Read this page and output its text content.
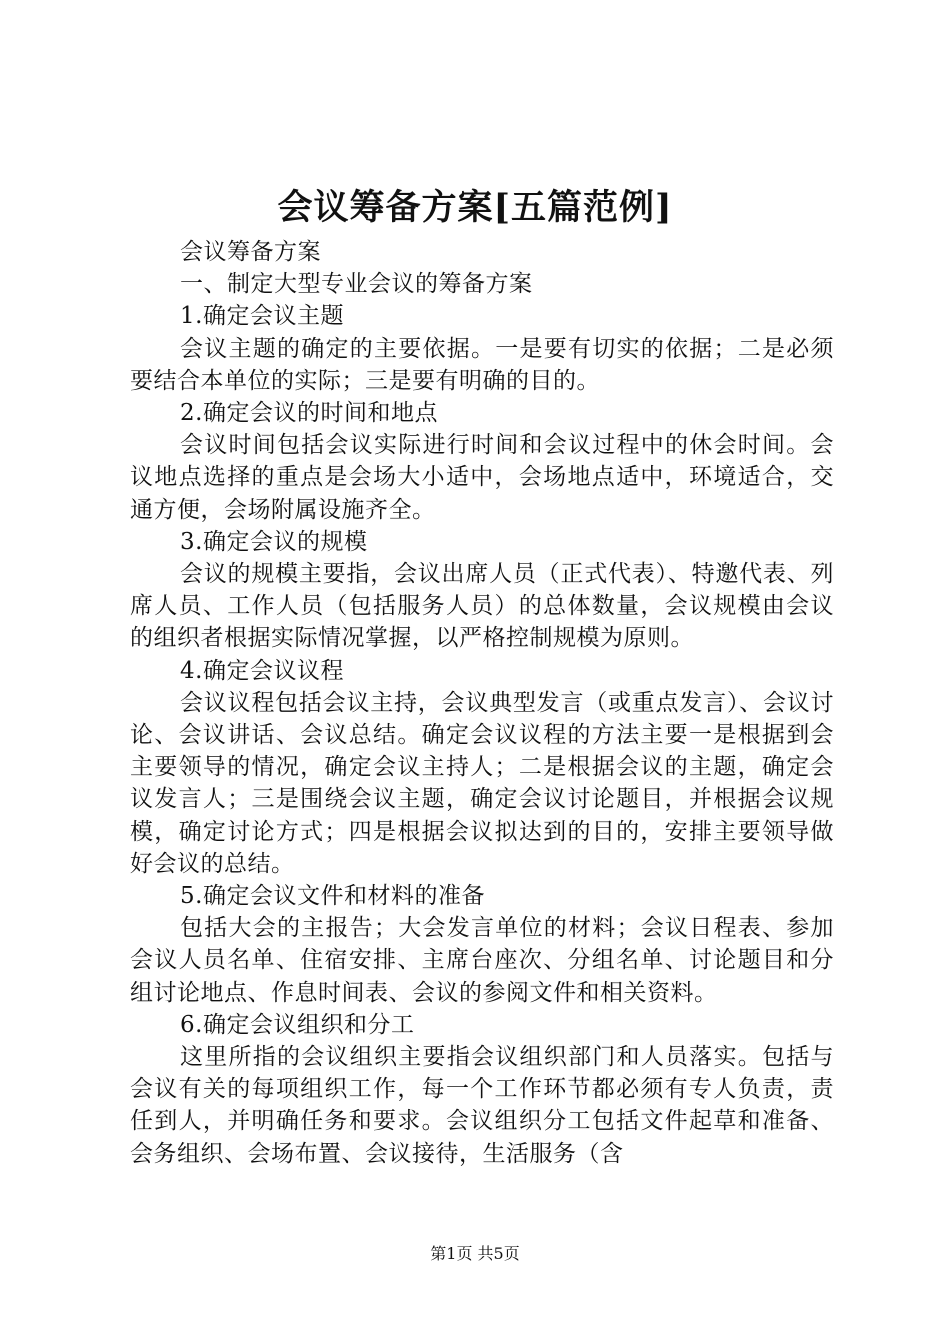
会议筹备方案[五篇范例]

会议筹备方案

一、制定大型专业会议的筹备方案

1.确定会议主题

会议主题的确定的主要依据。一是要有切实的依据；二是必须要结合本单位的实际；三是要有明确的目的。

2.确定会议的时间和地点

会议时间包括会议实际进行时间和会议过程中的休会时间。会议地点选择的重点是会场大小适中，会场地点适中，环境适合，交通方便，会场附属设施齐全。

3.确定会议的规模

会议的规模主要指，会议出席人员（正式代表）、特邀代表、列席人员、工作人员（包括服务人员）的总体数量，会议规模由会议的组织者根据实际情况掌握，以严格控制规模为原则。

4.确定会议议程

会议议程包括会议主持，会议典型发言（或重点发言）、会议讨论、会议讲话、会议总结。确定会议议程的方法主要一是根据到会主要领导的情况，确定会议主持人；二是根据会议的主题，确定会议发言人；三是围绕会议主题，确定会议讨论题目，并根据会议规模，确定讨论方式；四是根据会议拟达到的目的，安排主要领导做好会议的总结。

5.确定会议文件和材料的准备

包括大会的主报告；大会发言单位的材料；会议日程表、参加会议人员名单、住宿安排、主席台座次、分组名单、讨论题目和分组讨论地点、作息时间表、会议的参阅文件和相关资料。

6.确定会议组织和分工

这里所指的会议组织主要指会议组织部门和人员落实。包括与会议有关的每项组织工作，每一个工作环节都必须有专人负责，责任到人，并明确任务和要求。会议组织分工包括文件起草和准备、会务组织、会场布置、会议接待，生活服务（含

第1页 共5页
